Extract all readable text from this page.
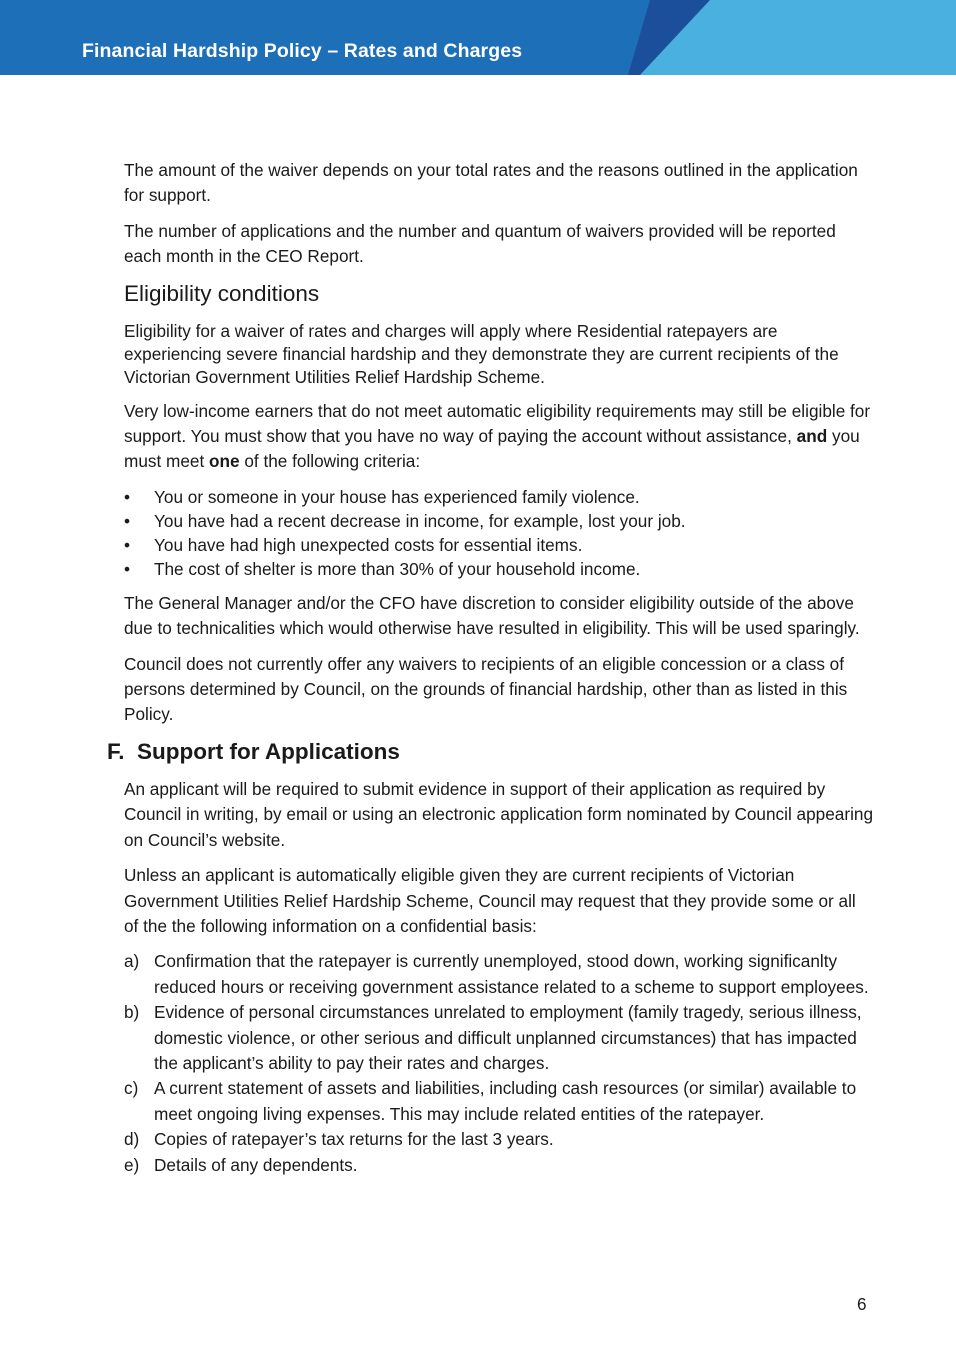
Financial Hardship Policy – Rates and Charges

The amount of the waiver depends on your total rates and the reasons outlined in the application for support.

The number of applications and the number and quantum of waivers provided will be reported each month in the CEO Report.

Eligibility conditions

Eligibility for a waiver of rates and charges will apply where Residential ratepayers are experiencing severe financial hardship and they demonstrate they are current recipients of the Victorian Government Utilities Relief Hardship Scheme.

Very low-income earners that do not meet automatic eligibility requirements may still be eligible for support. You must show that you have no way of paying the account without assistance, and you must meet one of the following criteria:

•	You or someone in your house has experienced family violence.
•	You have had a recent decrease in income, for example, lost your job.
•	You have had high unexpected costs for essential items.
•	The cost of shelter is more than 30% of your household income.

The General Manager and/or the CFO have discretion to consider eligibility outside of the above due to technicalities which would otherwise have resulted in eligibility. This will be used sparingly.

Council does not currently offer any waivers to recipients of an eligible concession or a class of persons determined by Council, on the grounds of financial hardship, other than as listed in this Policy.

F. Support for Applications

An applicant will be required to submit evidence in support of their application as required by Council in writing, by email or using an electronic application form nominated by Council appearing on Council’s website.

Unless an applicant is automatically eligible given they are current recipients of Victorian Government Utilities Relief Hardship Scheme, Council may request that they provide some or all of the the following information on a confidential basis:

a) Confirmation that the ratepayer is currently unemployed, stood down, working significanlty reduced hours or receiving government assistance related to a scheme to support employees.
b) Evidence of personal circumstances unrelated to employment (family tragedy, serious illness, domestic violence, or other serious and difficult unplanned circumstances) that has impacted the applicant’s ability to pay their rates and charges.
c) A current statement of assets and liabilities, including cash resources (or similar) available to meet ongoing living expenses. This may include related entities of the ratepayer.
d) Copies of ratepayer’s tax returns for the last 3 years.
e) Details of any dependents.
6
